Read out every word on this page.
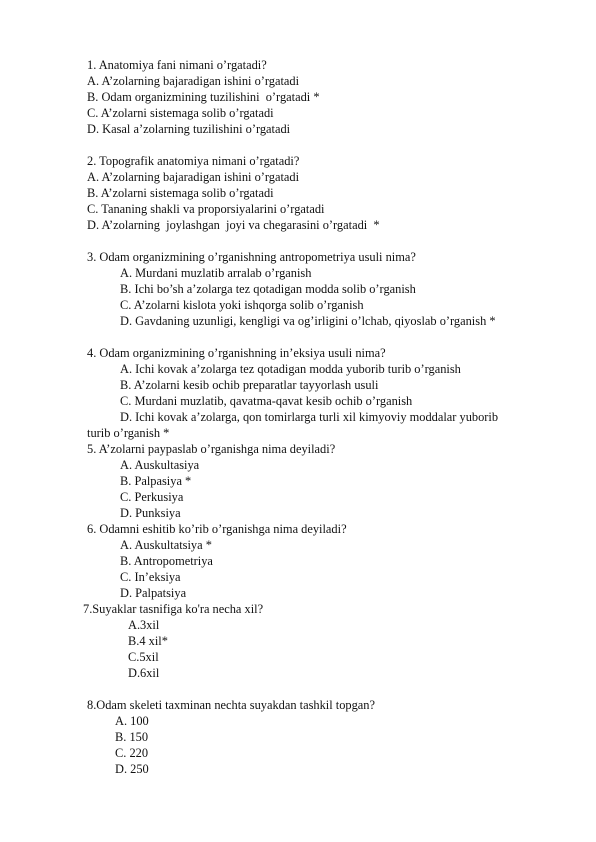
1. Anatomiya fani nimani o’rgatadi?
A. A’zolarning bajaradigan ishini o’rgatadi
B. Odam organizmining tuzilishini  o’rgatadi *
C. A’zolarni sistemaga solib o’rgatadi
D. Kasal a’zolarning tuzilishini o’rgatadi
2. Topografik anatomiya nimani o’rgatadi?
A. A’zolarning bajaradigan ishini o’rgatadi
B. A’zolarni sistemaga solib o’rgatadi
C. Tananing shakli va proporsiyalarini o’rgatadi
D. A’zolarning  joylashgan  joyi va chegarasini o’rgatadi  *
3. Odam organizmining o’rganishning antropometriya usuli nima?
A. Murdani muzlatib arralab o’rganish
B. Ichi bo’sh a’zolarga tez qotadigan modda solib o’rganish
C. A’zolarni kislota yoki ishqorga solib o’rganish
D. Gavdaning uzunligi, kengligi va og’irligini o’lchab, qiyoslab o’rganish *
4. Odam organizmining o’rganishning in’eksiya usuli nima?
A. Ichi kovak a’zolarga tez qotadigan modda yuborib turib o’rganish
B. A’zolarni kesib ochib preparatlar tayyorlash usuli
C. Murdani muzlatib, qavatma-qavat kesib ochib o’rganish
D. Ichi kovak a’zolarga, qon tomirlarga turli xil kimyoviy moddalar yuborib
turib o’rganish *
5. A’zolarni paypaslab o’rganishga nima deyiladi?
A. Auskultasiya
B. Palpasiya *
C. Perkusiya
D. Punksiya
6. Odamni eshitib ko’rib o’rganishga nima deyiladi?
A. Auskultatsiya *
B. Antropometriya
C. In’eksiya
D. Palpatsiya
7.Suyaklar tasnifiga ko'ra necha xil?
A.3xil
B.4 xil*
C.5xil
D.6xil
8.Odam skeleti taxminan nechta suyakdan tashkil topgan?
A. 100
B. 150
C. 220
D. 250
